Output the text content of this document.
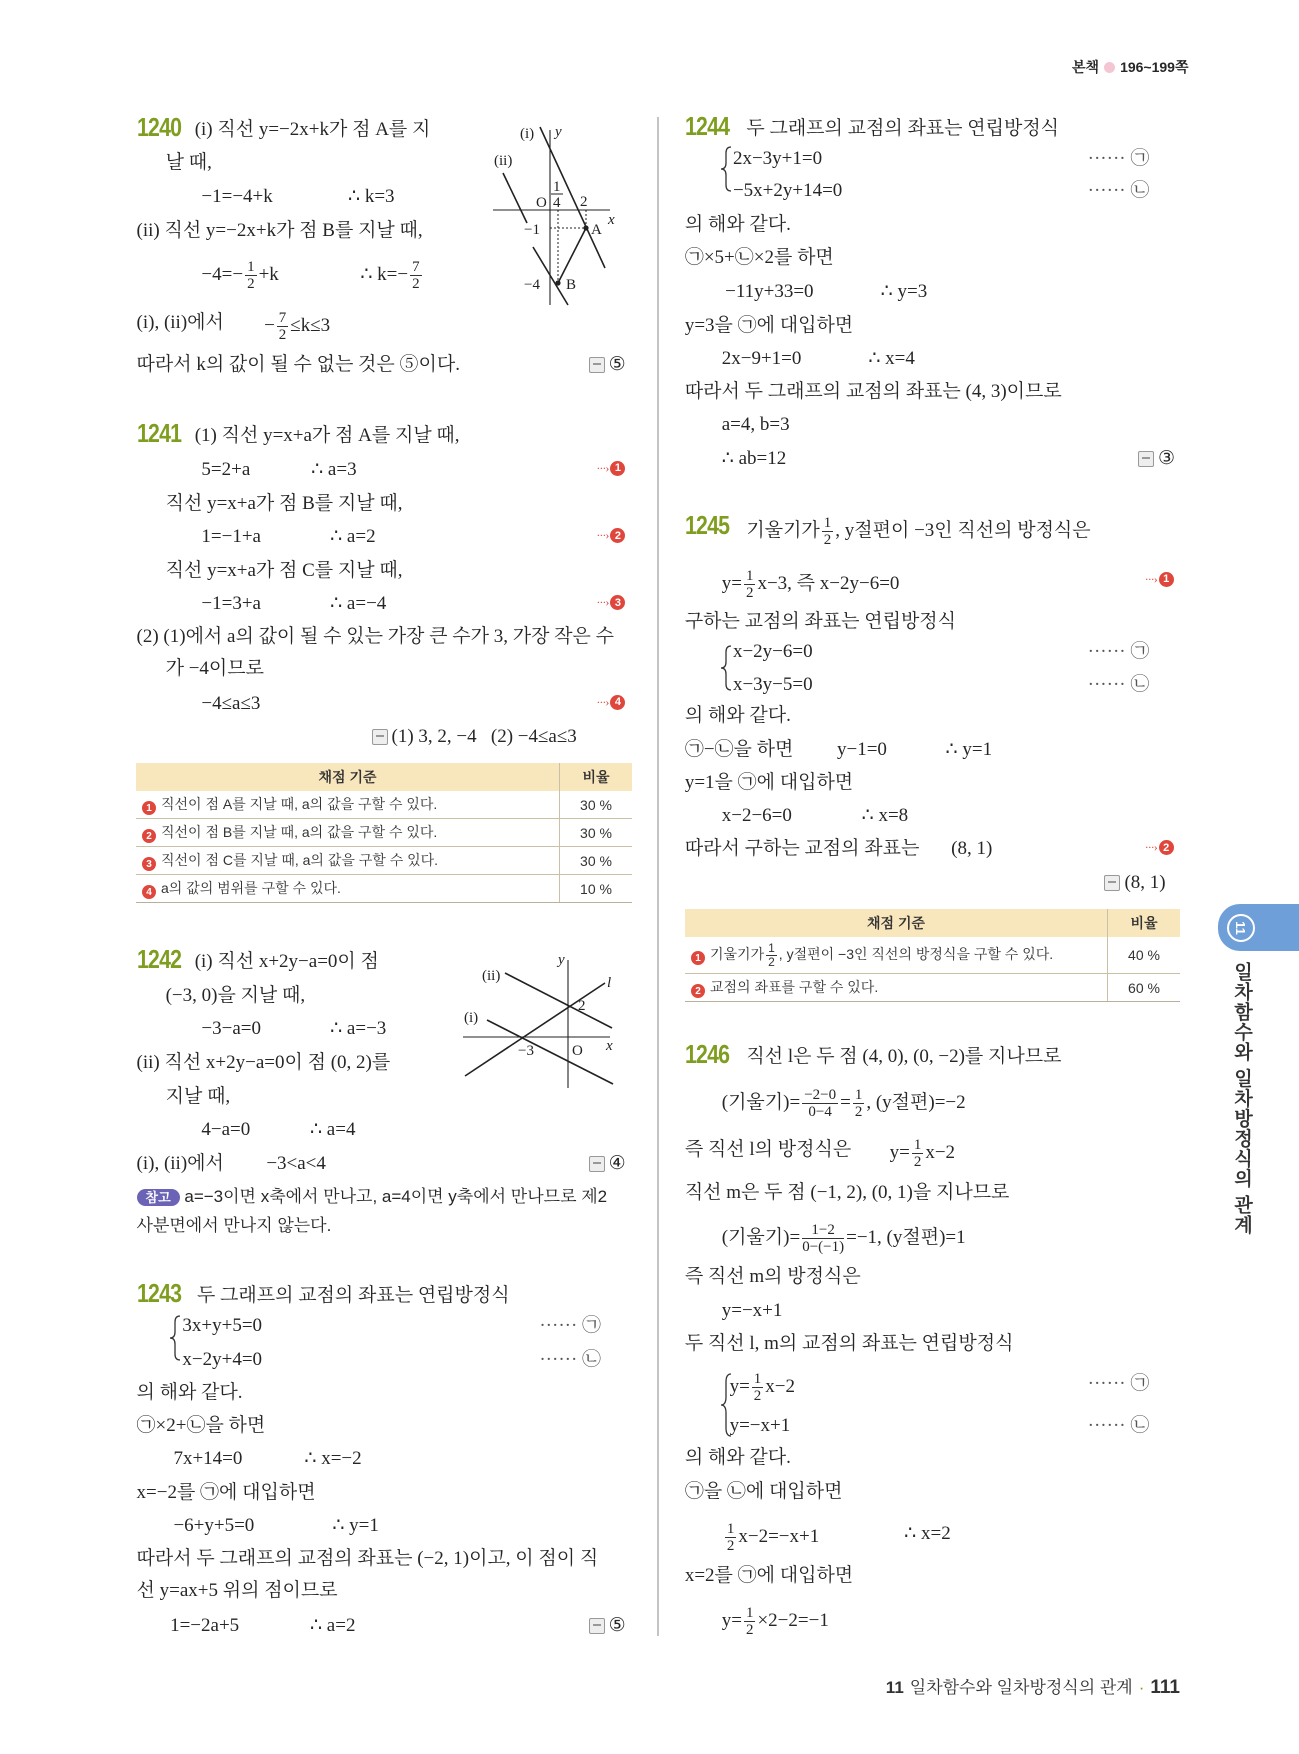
본책 196~199쪽
(i) y
(ii)
O
1
4 2
x
−1	A
−4 B
(ii)
(i)
y
l
2
−3	O x
1240 (i) 직선 y=−2x+k가 점 A를 지
날 때,
−1=−4+k	∴ k=3
(ii) 직선 y=−2x+k가 점 B를 지날 때,
$-4=- \frac{1}{2} +k$	∴ $k=- \frac{7}{2}$
(i), (ii)에서 − $\frac{7}{2} \le k\le 3$
따라서 k의 값이 될 수 없는 것은 ⑤이다.	⑤
1241 (1) 직선 y=x+a가 점 A를 지날 때,
5=2+a	∴ a=3 ···›	1
직선 y=x+a가 점 B를 지날 때,
1=−1+a	∴ a=2 ···›	2
직선 y=x+a가 점 C를 지날 때,
−1=3+a	∴ a=−4 ···›	3
(2) (1)에서 a의 값이 될 수 있는 가장 큰 수가 3, 가장 작은 수
가 −4이므로
−4≤a≤3 ···›	4
(1) 3, 2, −4   (2) −4≤a≤3
채점 기준	비율
1 직선이 점 A를 지날 때, a의 값을 구할 수 있다.	30 %
2 직선이 점 B를 지날 때, a의 값을 구할 수 있다.	30 %
3 직선이 점 C를 지날 때, a의 값을 구할 수 있다.	30 %
4 a의 값의 범위를 구할 수 있다.	10 %
1242 (i) 직선 x+2y−a=0이 점
(−3, 0)을 지날 때,
−3−a=0	∴ a=−3
(ii) 직선 x+2y−a=0이 점 (0, 2)를
지날 때,
4−a=0	∴ a=4
(i), (ii)에서 −3<a<4	④
참고 a=−3이면 x축에서 만나고, a=4이면 y축에서 만나므로 제2
사분면에서 만나지 않는다.
1243 두 그래프의 교점의 좌표는 연립방정식
3x+y+5=0	······ ㉠
x−2y+4=0	······ ㉡
의 해와 같다.
㉠×2+㉡을 하면
7x+14=0	∴ x=−2
x=−2를 ㉠에 대입하면
−6+y+5=0	∴ y=1
따라서 두 그래프의 교점의 좌표는 (−2, 1)이고, 이 점이 직
선 y=ax+5 위의 점이므로
1=−2a+5	∴ a=2	⑤
1244 두 그래프의 교점의 좌표는 연립방정식
2x−3y+1=0	······ ㉠
−5x+2y+14=0	······ ㉡
의 해와 같다.
㉠×5+㉡×2를 하면
−11y+33=0	∴ y=3
y=3을 ㉠에 대입하면
2x−9+1=0	∴ x=4
따라서 두 그래프의 교점의 좌표는 (4, 3)이므로
a=4, b=3
∴ ab=12	③
1245 기울기가 $\frac{1}{2}$ , y절편이 −3인 직선의 방정식은
$y= \frac{1}{2} x-3$, 즉 x−2y−6=0 ···›	1
구하는 교점의 좌표는 연립방정식
x−2y−6=0	······ ㉠
x−3y−5=0	······ ㉡
의 해와 같다.
㉠−㉡을 하면 y−1=0	∴ y=1
y=1을 ㉠에 대입하면
x−2−6=0	∴ x=8
따라서 구하는 교점의 좌표는 (8, 1) ···›	2
(8, 1)
채점 기준	비율
1 기울기가 $\frac{1}{2}$ , y절편이 −3인 직선의 방정식을 구할 수 있다.	40 %
2 교점의 좌표를 구할 수 있다.	60 %
1246 직선 l은 두 점 (4, 0), (0, −2)를 지나므로
(기울기)= $\frac{-2-0}{0-4} = \frac{1}{2}$ , (y절편)=−2
즉 직선 l의 방정식은 $y= \frac{1}{2} x-2$
직선 m은 두 점 (−1, 2), (0, 1)을 지나므로
(기울기)= $\frac{1-2}{0-(-1)} =-1$, (y절편)=1
즉 직선 m의 방정식은
y=−x+1
두 직선 l, m의 교점의 좌표는 연립방정식
$y= \frac{1}{2} x-2$	······ ㉠
y=−x+1	······ ㉡
의 해와 같다.
㉠을 ㉡에 대입하면
$\frac{1}{2} x-2=-x+1$	∴ x=2
x=2를 ㉠에 대입하면
$y= \frac{1}{2} \times 2-2=-1$
11
일차함수와 일차방정식의 관계
11 일차함수와 일차방정식의 관계 · 111
